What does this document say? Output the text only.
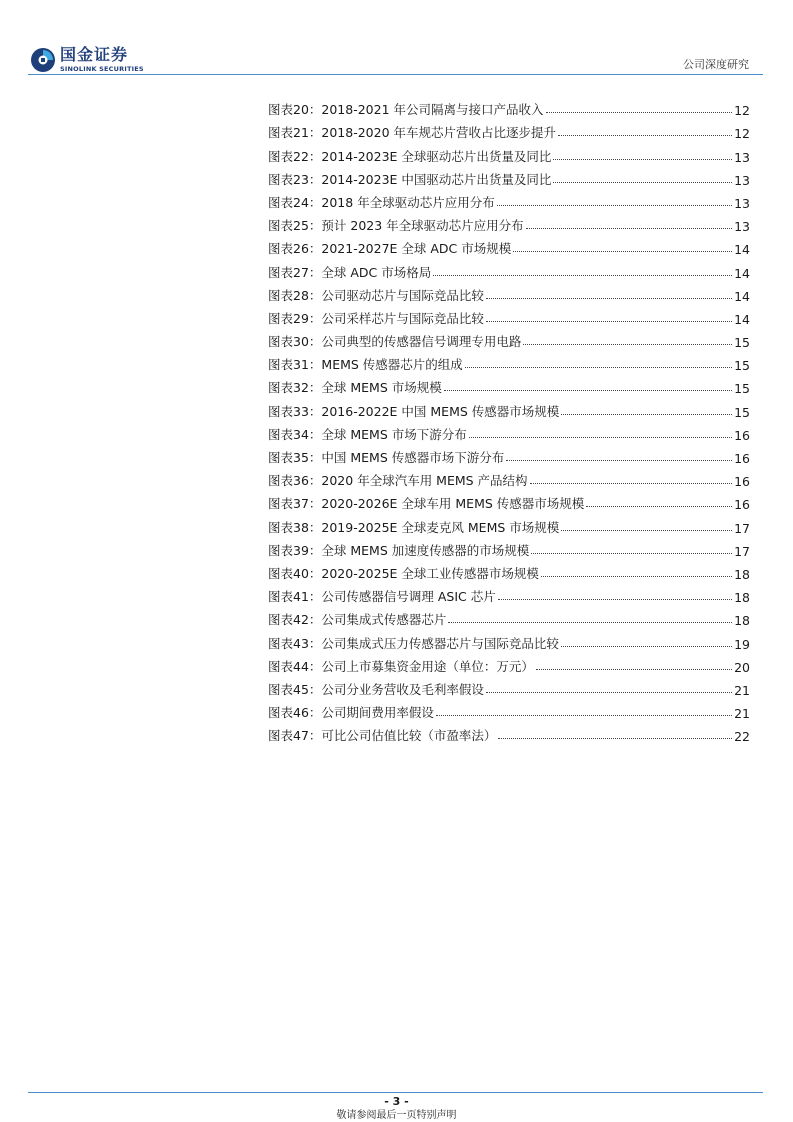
国金证券
SINOLINK SECURITIES	公司深度研究
图表20：2018-2021 年公司隔离与接口产品收入	12
图表21：2018-2020 年车规芯片营收占比逐步提升	12
图表22：2014-2023E 全球驱动芯片出货量及同比	13
图表23：2014-2023E 中国驱动芯片出货量及同比	13
图表24：2018 年全球驱动芯片应用分布	13
图表25：预计 2023 年全球驱动芯片应用分布	13
图表26：2021-2027E 全球 ADC 市场规模	14
图表27：全球 ADC 市场格局	14
图表28：公司驱动芯片与国际竞品比较	14
图表29：公司采样芯片与国际竞品比较	14
图表30：公司典型的传感器信号调理专用电路	15
图表31：MEMS 传感器芯片的组成	15
图表32：全球 MEMS 市场规模	15
图表33：2016-2022E 中国 MEMS 传感器市场规模	15
图表34：全球 MEMS 市场下游分布	16
图表35：中国 MEMS 传感器市场下游分布	16
图表36：2020 年全球汽车用 MEMS 产品结构	16
图表37：2020-2026E 全球车用 MEMS 传感器市场规模	16
图表38：2019-2025E 全球麦克风 MEMS 市场规模	17
图表39：全球 MEMS 加速度传感器的市场规模	17
图表40：2020-2025E 全球工业传感器市场规模	18
图表41：公司传感器信号调理 ASIC 芯片	18
图表42：公司集成式传感器芯片	18
图表43：公司集成式压力传感器芯片与国际竞品比较	19
图表44：公司上市募集资金用途（单位：万元）	20
图表45：公司分业务营收及毛利率假设	21
图表46：公司期间费用率假设	21
图表47：可比公司估值比较（市盈率法）	22
- 3 -
敬请参阅最后一页特别声明
